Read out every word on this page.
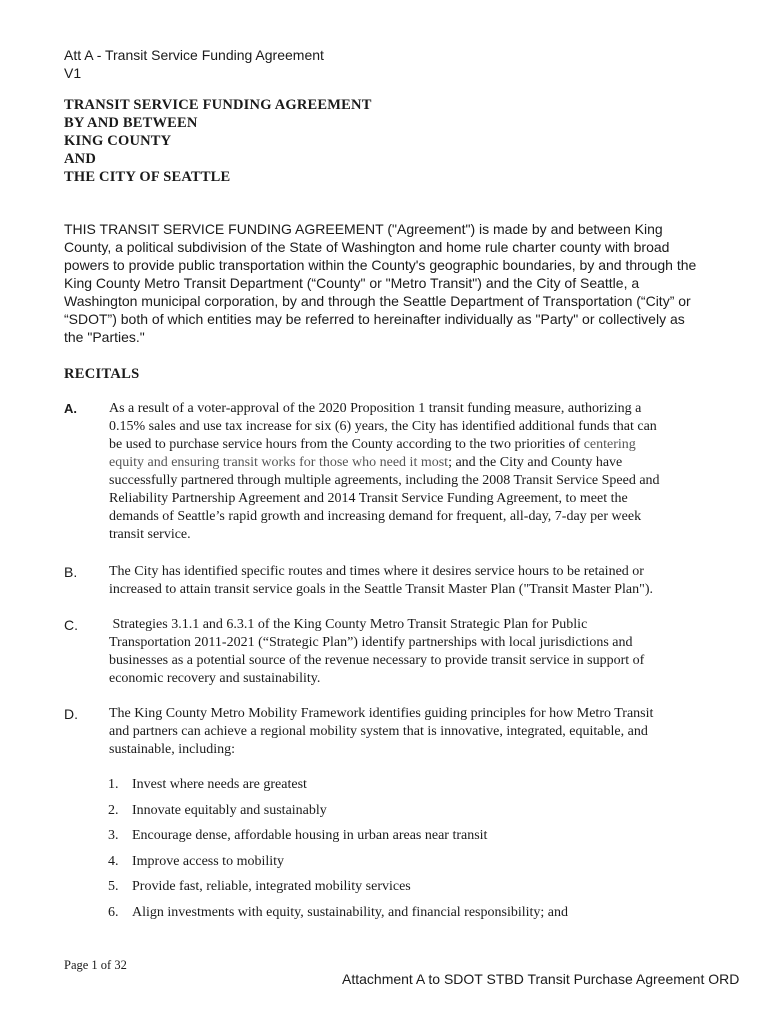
Att A - Transit Service Funding Agreement
V1
TRANSIT SERVICE FUNDING AGREEMENT
BY AND BETWEEN
KING COUNTY
AND
THE CITY OF SEATTLE
THIS TRANSIT SERVICE FUNDING AGREEMENT ("Agreement") is made by and between King
County, a political subdivision of the State of Washington and home rule charter county with broad
powers to provide public transportation within the County's geographic boundaries, by and through the
King County Metro Transit Department (“County" or "Metro Transit") and the City of Seattle, a
Washington municipal corporation, by and through the Seattle Department of Transportation (“City” or
“SDOT”) both of which entities may be referred to hereinafter individually as "Party" or collectively as
the "Parties."
RECITALS
A. As a result of a voter-approval of the 2020 Proposition 1 transit funding measure, authorizing a
0.15% sales and use tax increase for six (6) years, the City has identified additional funds that can
be used to purchase service hours from the County according to the two priorities of centering
equity and ensuring transit works for those who need it most; and the City and County have
successfully partnered through multiple agreements, including the 2008 Transit Service Speed and
Reliability Partnership Agreement and 2014 Transit Service Funding Agreement, to meet the
demands of Seattle’s rapid growth and increasing demand for frequent, all-day, 7-day per week
transit service.
B. The City has identified specific routes and times where it desires service hours to be retained or
increased to attain transit service goals in the Seattle Transit Master Plan ("Transit Master Plan").
C. Strategies 3.1.1 and 6.3.1 of the King County Metro Transit Strategic Plan for Public
Transportation 2011-2021 (“Strategic Plan”) identify partnerships with local jurisdictions and
businesses as a potential source of the revenue necessary to provide transit service in support of
economic recovery and sustainability.
D. The King County Metro Mobility Framework identifies guiding principles for how Metro Transit
and partners can achieve a regional mobility system that is innovative, integrated, equitable, and
sustainable, including:
1. Invest where needs are greatest
2. Innovate equitably and sustainably
3. Encourage dense, affordable housing in urban areas near transit
4. Improve access to mobility
5. Provide fast, reliable, integrated mobility services
6. Align investments with equity, sustainability, and financial responsibility; and
Page 1 of 32
Attachment A to SDOT STBD Transit Purchase Agreement ORD
